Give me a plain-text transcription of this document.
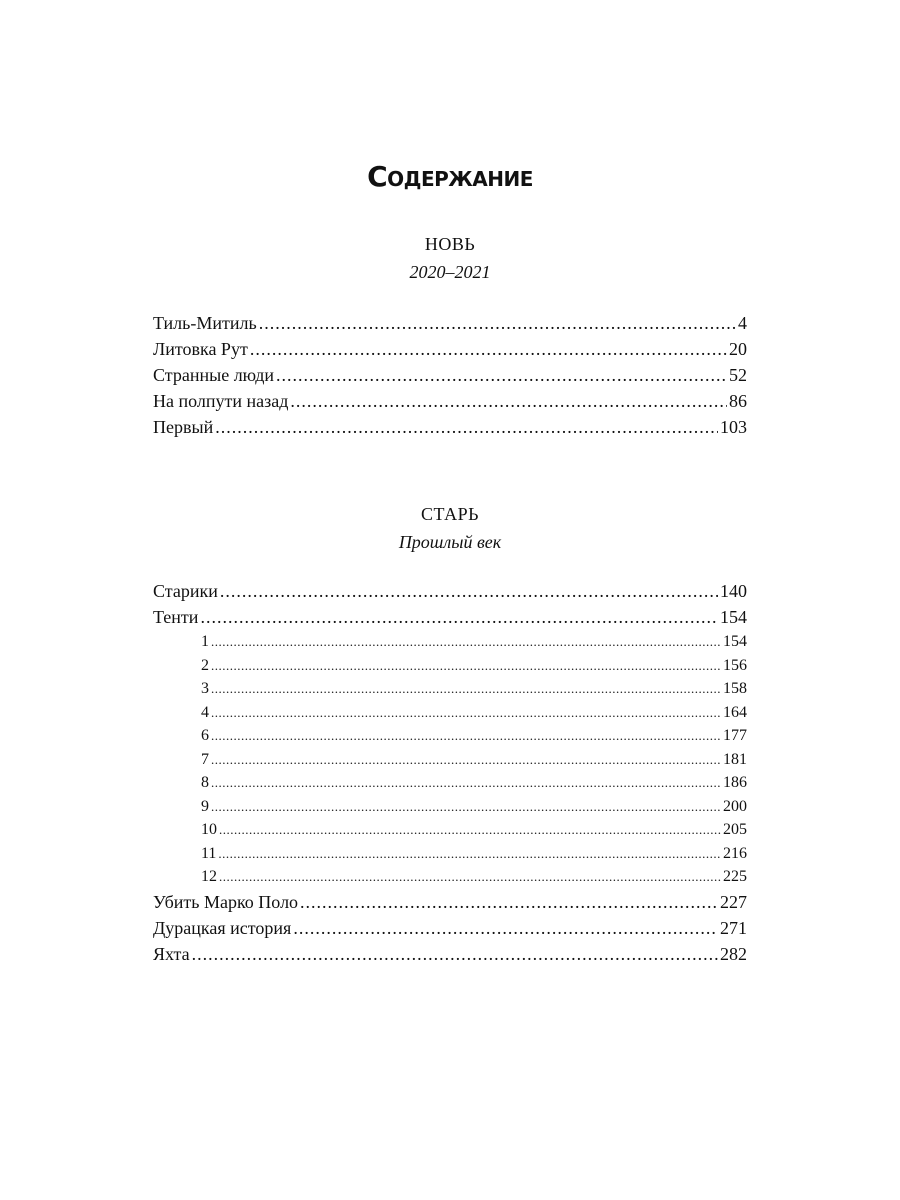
Содержание
НОВЬ
2020–2021
Тиль-Митиль .....	4
Литовка Рут .....	20
Странные люди .....	52
На полпути назад .....	86
Первый .....	103
СТАРЬ
Прошлый век
Старики .....	140
Тенти .....	154
1 .....	154
2 .....	156
3 .....	158
4 .....	164
6 .....	177
7 .....	181
8 .....	186
9 .....	200
10 .....	205
11 .....	216
12 .....	225
Убить Марко Поло .....	227
Дурацкая история .....	271
Яхта .....	282
